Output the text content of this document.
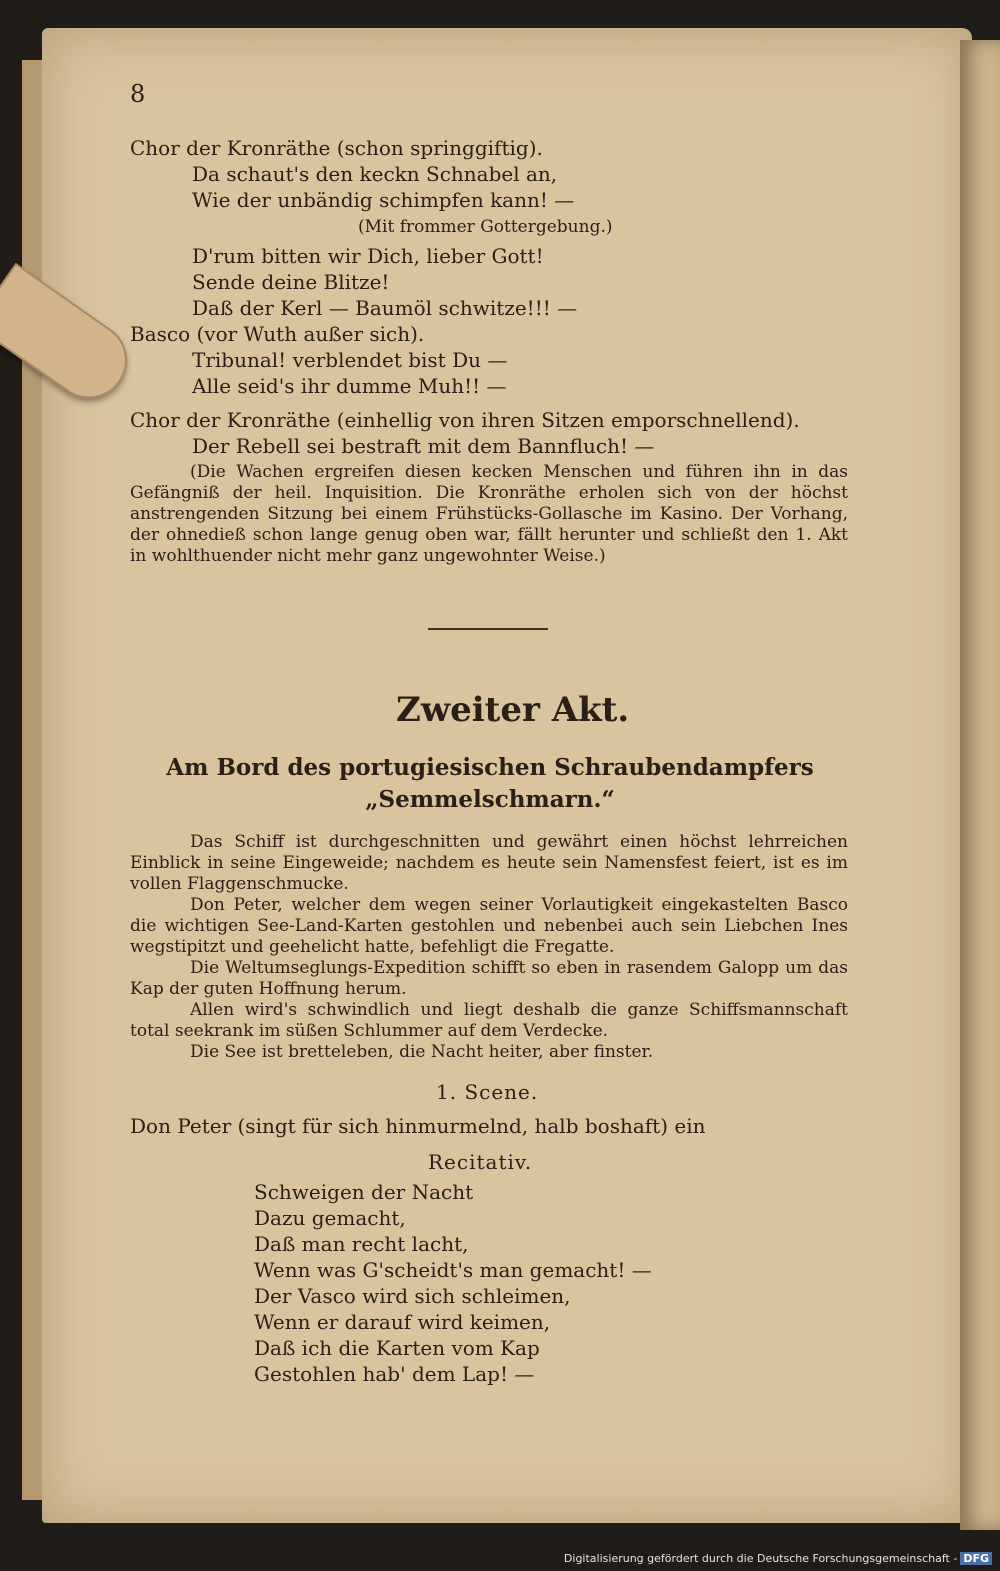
8
Chor der Kronräthe (schon springgiftig).
Da schaut's den keckn Schnabel an,
Wie der unbändig schimpfen kann! —
(Mit frommer Gottergebung.)
D'rum bitten wir Dich, lieber Gott!
Sende deine Blitze!
Daß der Kerl — Baumöl schwitze!!! —
Basco (vor Wuth außer sich).
Tribunal! verblendet bist Du —
Alle seid's ihr dumme Muh!! —
Chor der Kronräthe (einhellig von ihren Sitzen emporschnellend).
Der Rebell sei bestraft mit dem Bannfluch! —
(Die Wachen ergreifen diesen kecken Menschen und führen ihn in das Gefängniß der heil. Inquisition. Die Kronräthe erholen sich von der höchst anstrengenden Sitzung bei einem Frühstücks-Gollasche im Kasino. Der Vorhang, der ohnedieß schon lange genug oben war, fällt herunter und schließt den 1. Akt in wohlthuender nicht mehr ganz ungewohnter Weise.)
Zweiter Akt.
Am Bord des portugiesischen Schraubendampfers „Semmelschmarn.“
Das Schiff ist durchgeschnitten und gewährt einen höchst lehrreichen Einblick in seine Eingeweide; nachdem es heute sein Namensfest feiert, ist es im vollen Flaggenschmucke.
Don Peter, welcher dem wegen seiner Vorlautigkeit eingekastelten Basco die wichtigen See-Land-Karten gestohlen und nebenbei auch sein Liebchen Ines wegstipitzt und geehelicht hatte, befehligt die Fregatte.
Die Weltumseglungs-Expedition schifft so eben in rasendem Galopp um das Kap der guten Hoffnung herum.
Allen wird's schwindlich und liegt deshalb die ganze Schiffsmannschaft total seekrank im süßen Schlummer auf dem Verdecke.
Die See ist bretteleben, die Nacht heiter, aber finster.
1. Scene.
Don Peter (singt für sich hinmurmelnd, halb boshaft) ein
Recitativ.
Schweigen der Nacht
Dazu gemacht,
Daß man recht lacht,
Wenn was G'scheidt's man gemacht! —
Der Vasco wird sich schleimen,
Wenn er darauf wird keimen,
Daß ich die Karten vom Kap
Gestohlen hab' dem Lap! —
Digitalisierung gefördert durch die Deutsche Forschungsgemeinschaft - DFG
